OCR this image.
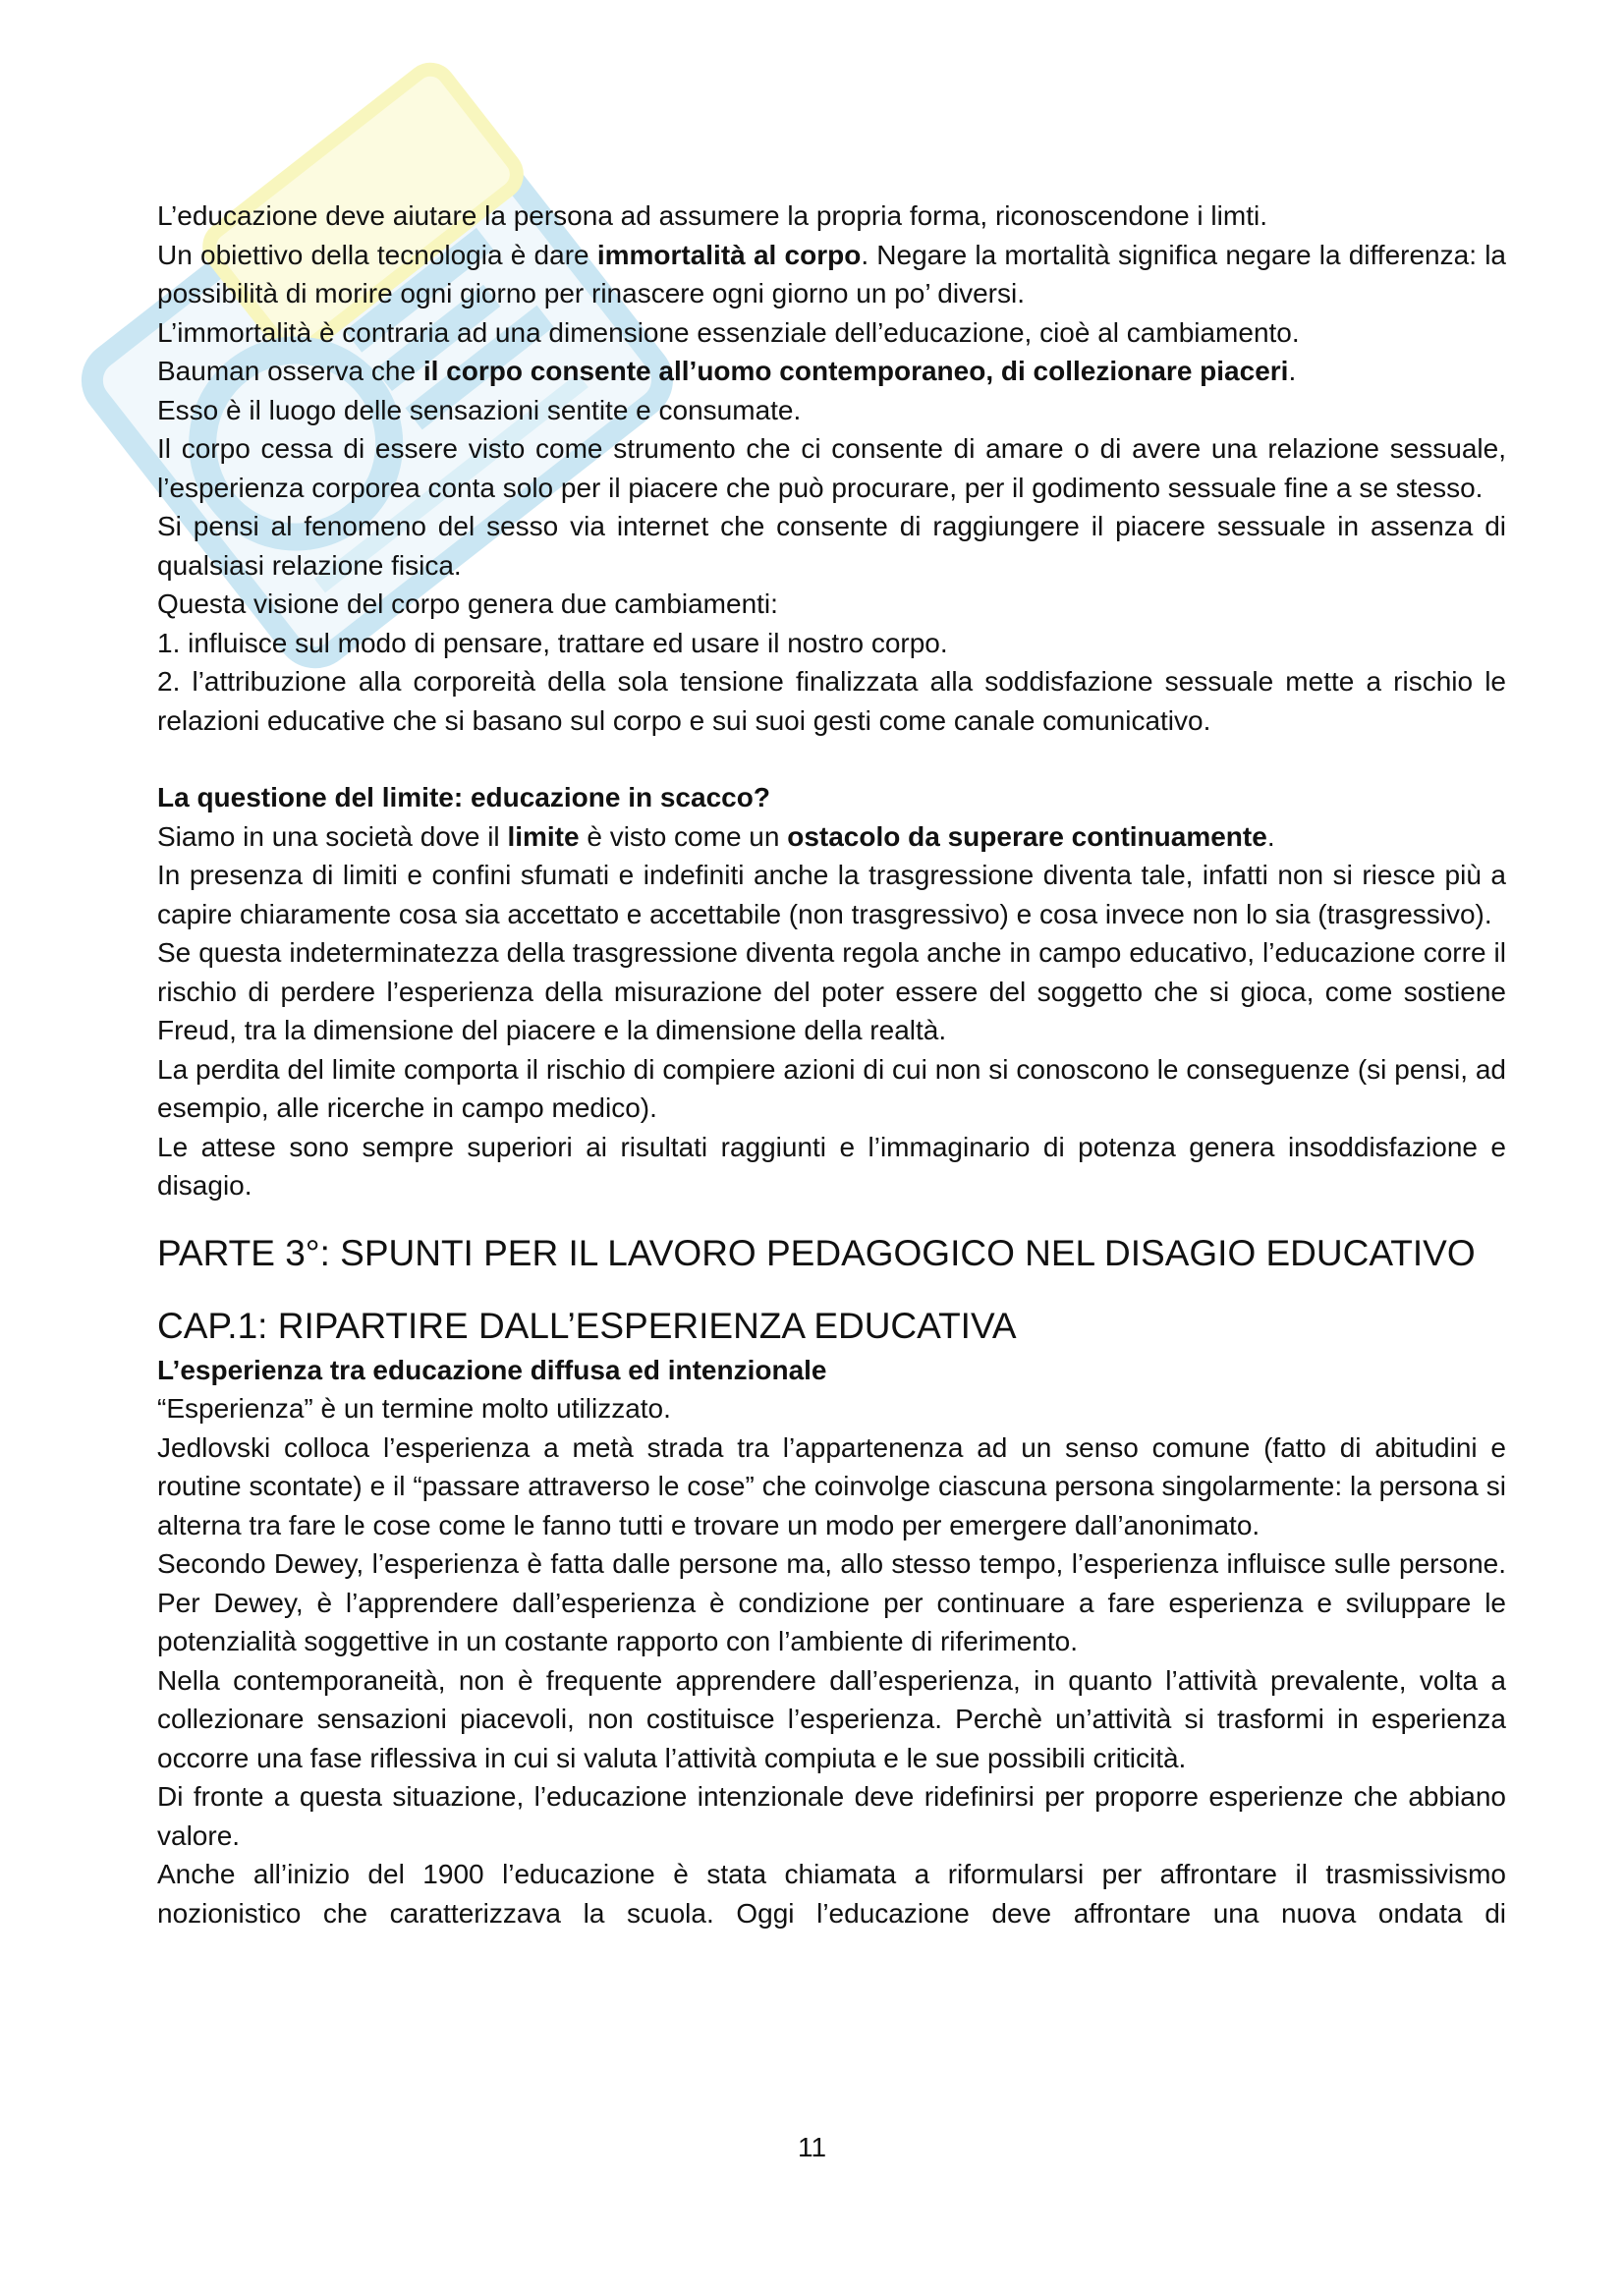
L’educazione deve aiutare la persona ad assumere la propria forma, riconoscendone i limti.

Un obiettivo della tecnologia è dare immortalità al corpo. Negare la mortalità significa negare la differenza: la possibilità di morire ogni giorno per rinascere ogni giorno un po’ diversi.

L’immortalità è contraria ad una dimensione essenziale dell’educazione, cioè al cambiamento.

Bauman osserva che il corpo consente all’uomo contemporaneo, di collezionare piaceri.

Esso è il luogo delle sensazioni sentite e consumate.

Il corpo cessa di essere visto come strumento che ci consente di amare o di avere una relazione sessuale, l’esperienza corporea conta solo per il piacere che può procurare, per il godimento sessuale fine a se stesso.

Si pensi al fenomeno del sesso via internet che consente di raggiungere il piacere sessuale in assenza di qualsiasi relazione fisica.

Questa visione del corpo genera due cambiamenti:

1. influisce sul modo di pensare, trattare ed usare il nostro corpo.

2. l’attribuzione alla corporeità della sola tensione finalizzata alla soddisfazione sessuale mette a rischio le relazioni educative che si basano sul corpo e sui suoi gesti come canale comunicativo.

La questione del limite: educazione in scacco?

Siamo in una società dove il limite è visto come un ostacolo da superare continuamente.

In presenza di limiti e confini sfumati e indefiniti anche la trasgressione diventa tale, infatti non si riesce più a capire chiaramente cosa sia accettato e accettabile (non trasgressivo) e cosa invece non lo sia (trasgressivo).

Se questa indeterminatezza della trasgressione diventa regola anche in campo educativo, l’educazione corre il rischio di perdere l’esperienza della misurazione del poter essere del soggetto che si gioca, come sostiene Freud, tra la dimensione del piacere e la dimensione della realtà.

La perdita del limite comporta il rischio di compiere azioni di cui non si conoscono le conseguenze (si pensi, ad esempio, alle ricerche in campo medico).

Le attese sono sempre superiori ai risultati raggiunti e l’immaginario di potenza genera insoddisfazione e disagio.

PARTE 3°: SPUNTI PER IL LAVORO PEDAGOGICO NEL DISAGIO EDUCATIVO
CAP.1: RIPARTIRE DALL’ESPERIENZA EDUCATIVA

L’esperienza tra educazione diffusa ed intenzionale

“Esperienza” è un termine molto utilizzato.

Jedlovski colloca l’esperienza a metà strada tra l’appartenenza ad un senso comune (fatto di abitudini e routine scontate) e il “passare attraverso le cose” che coinvolge ciascuna persona singolarmente: la persona si alterna tra fare le cose come le fanno tutti e trovare un modo per emergere dall’anonimato.

Secondo Dewey, l’esperienza è fatta dalle persone ma, allo stesso tempo, l’esperienza influisce sulle persone. Per Dewey, è l’apprendere dall’esperienza è condizione per continuare a fare esperienza e sviluppare le potenzialità soggettive in un costante rapporto con l’ambiente di riferimento.

Nella contemporaneità, non è frequente apprendere dall’esperienza, in quanto l’attività prevalente, volta a collezionare sensazioni piacevoli, non costituisce l’esperienza. Perchè un’attività si trasformi in esperienza occorre una fase riflessiva in cui si valuta l’attività compiuta e le sue possibili criticità.

Di fronte a questa situazione, l’educazione intenzionale deve ridefinirsi per proporre esperienze che abbiano valore.

Anche all’inizio del 1900 l’educazione è stata chiamata a riformularsi per affrontare il trasmissivismo nozionistico che caratterizzava la scuola. Oggi l’educazione deve affrontare una nuova ondata di

11
